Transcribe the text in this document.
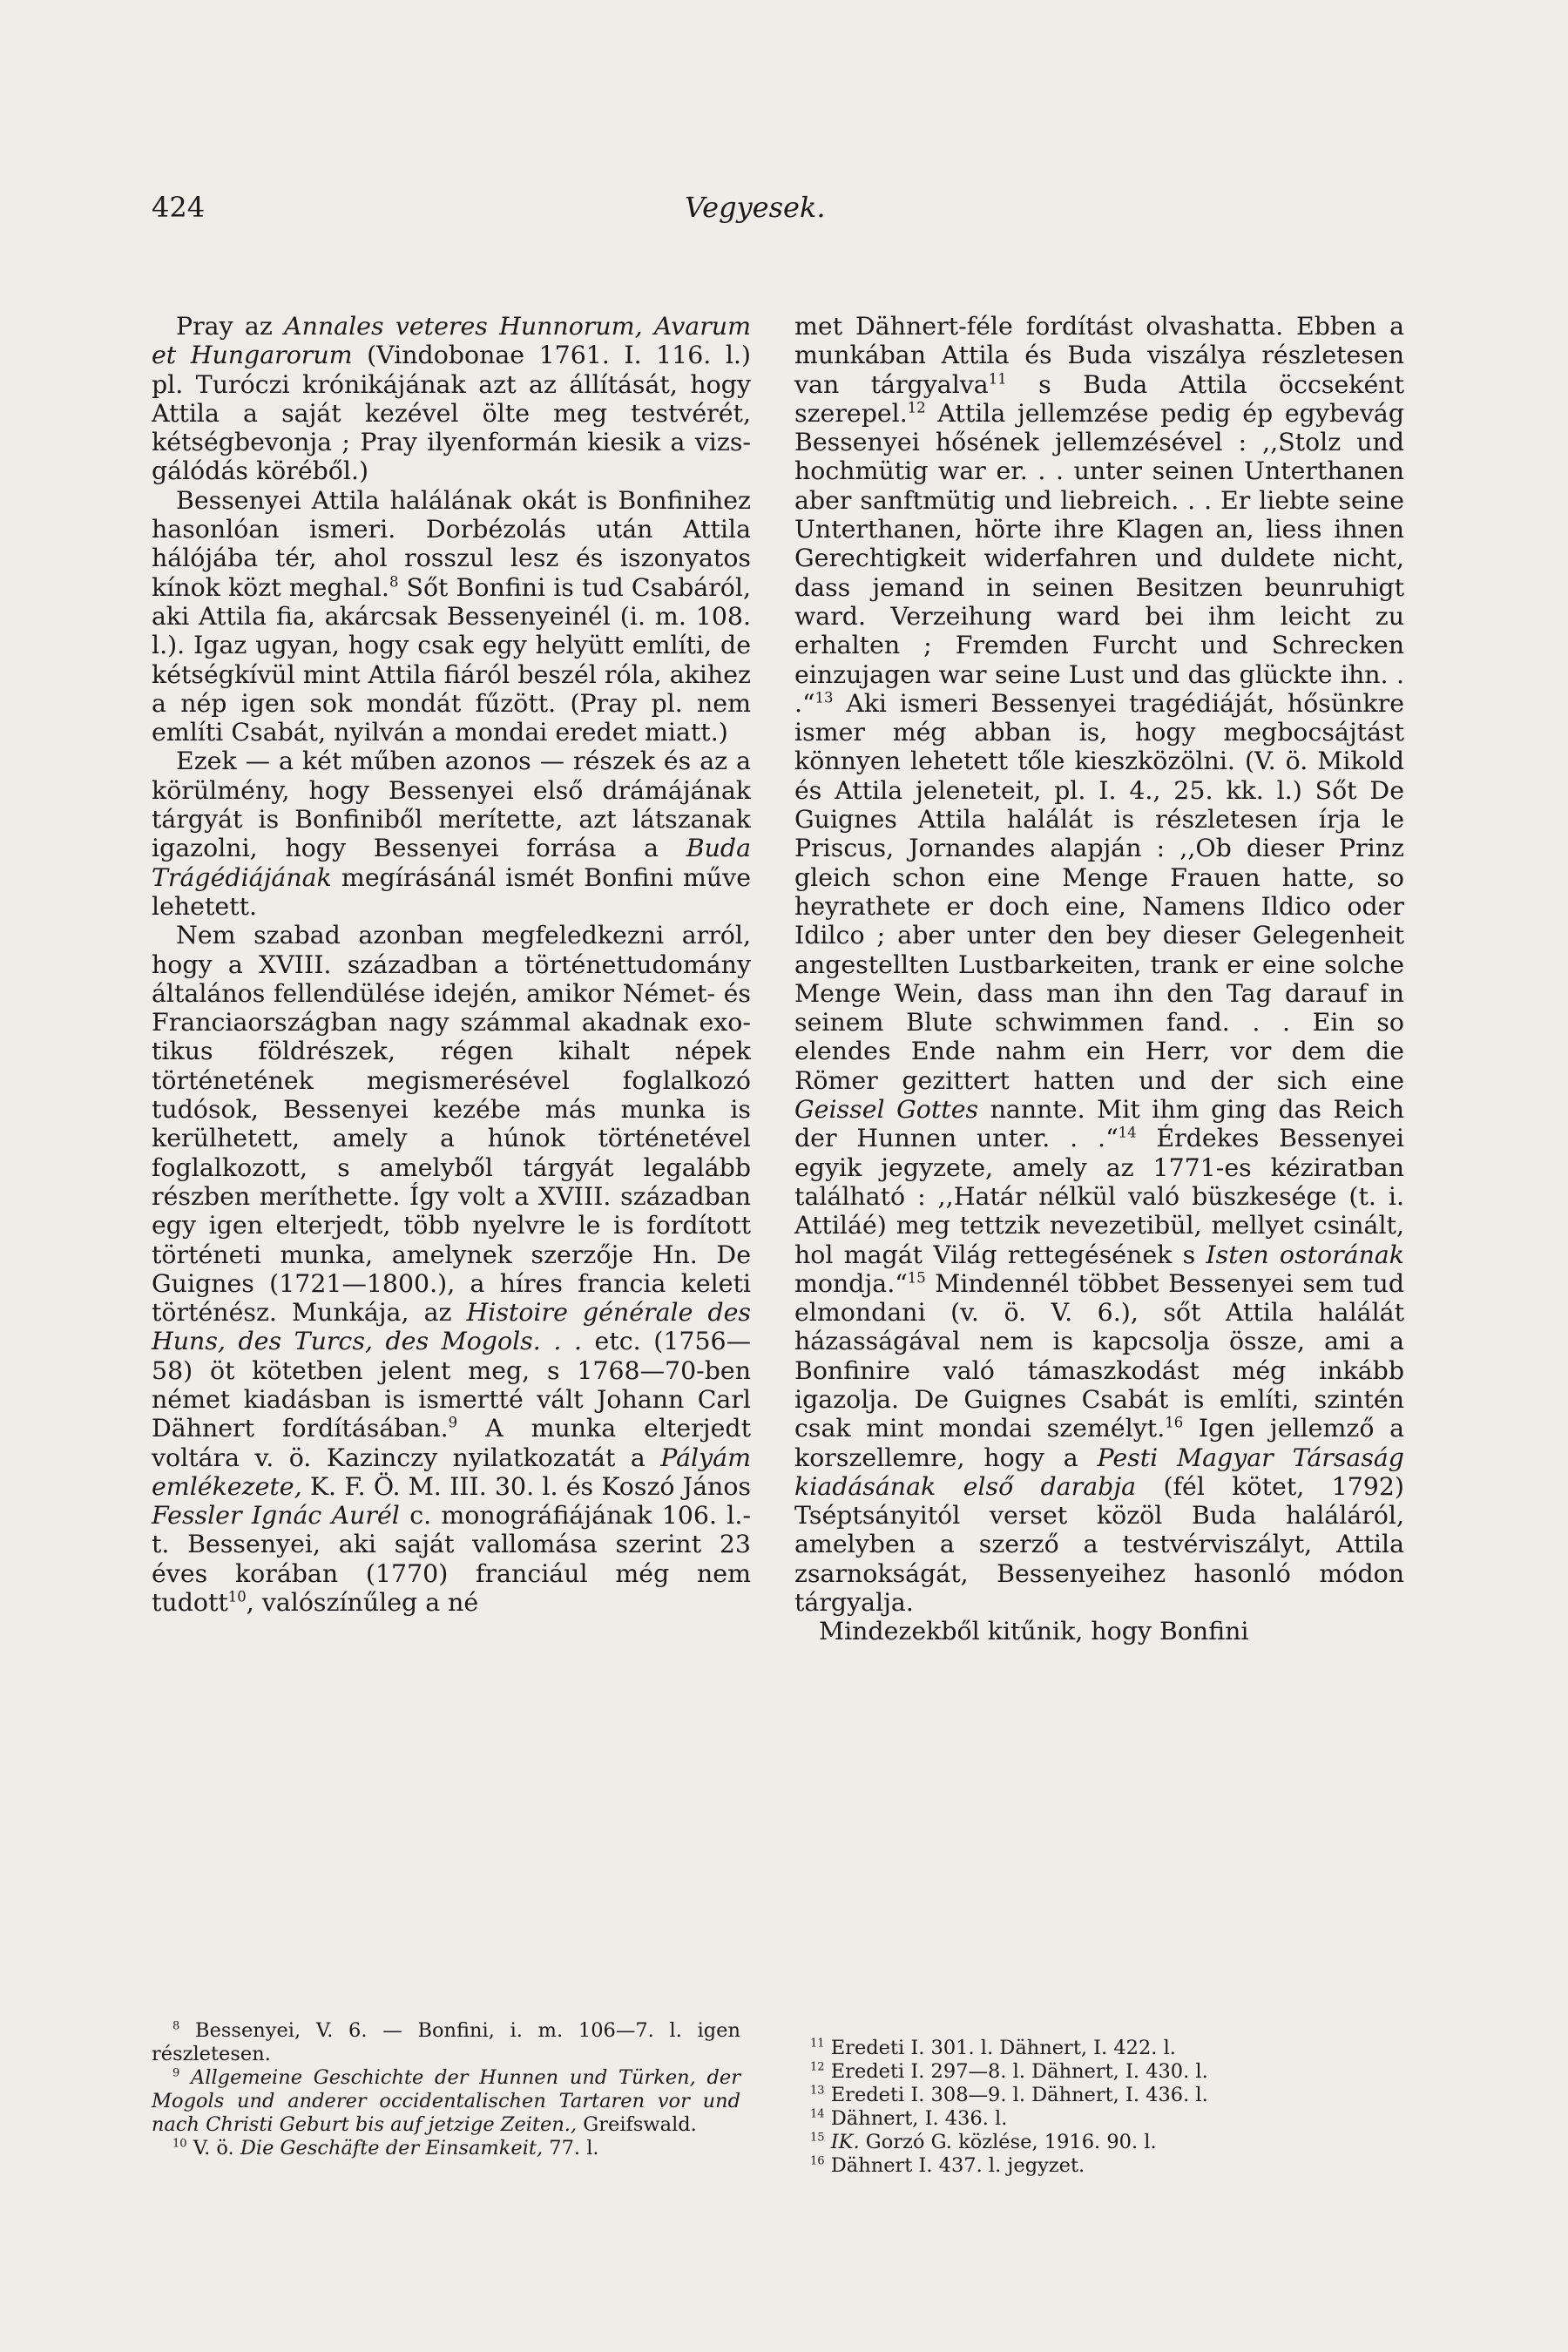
424	Vegyesek.

Pray az Annales veteres Hunnorum, Avarum et Hungarorum (Vindobonae 1761. I. 116. l.) pl. Turóczi krónikájának azt az állítását, hogy Attila a saját kezével ölte meg testvérét, kétségbevonja ; Pray ilyenformán kiesik a vizsgálódás köréből.)

Bessenyei Attila halálának okát is Bonfinihez hasonlóan ismeri. Dorbézolás után Attila hálójába tér, ahol rosszul lesz és iszonyatos kínok közt meghal.$^8$ Sőt Bonfini is tud Csabáról, aki Attila fia, akárcsak Bessenyeinél (i. m. 108. l.). Igaz ugyan, hogy csak egy helyütt említi, de kétségkívül mint Attila fiáról beszél róla, akihez a nép igen sok mondát fűzött. (Pray pl. nem említi Csabát, nyilván a mondai eredet miatt.)

Ezek — a két műben azonos — részek és az a körülmény, hogy Bessenyei első drámájának tárgyát is Bonfiniből merítette, azt látszanak igazolni, hogy Bessenyei forrása a Buda Trágédiájának megírásánál ismét Bonfini műve lehetett.

Nem szabad azonban megfeledkezni arról, hogy a XVIII. században a történettudomány általános fellendülése idején, amikor Német- és Franciaországban nagy számmal akadnak exotikus földrészek, régen kihalt népek történetének megismerésével foglalkozó tudósok, Bessenyei kezébe más munka is kerülhetett, amely a húnok történetével foglalkozott, s amelyből tárgyát legalább részben meríthette. Így volt a XVIII. században egy igen elterjedt, több nyelvre le is fordított történeti munka, amelynek szerzője Hn. De Guignes (1721—1800.), a híres francia keleti történész. Munkája, az Histoire générale des Huns, des Turcs, des Mogols. . . etc. (1756—58) öt kötetben jelent meg, s 1768—70-ben német kiadásban is ismertté vált Johann Carl Dähnert fordításában.$^9$ A munka elterjedt voltára v. ö. Kazinczy nyilatkozatát a Pályám emlékezete, K. F. Ö. M. III. 30. l. és Koszó János Fessler Ignác Aurél c. monográfiájának 106. l.-t. Bessenyei, aki saját vallomása szerint 23 éves korában (1770) franciául még nem tudott$^{10}$, valószínűleg a né

met Dähnert-féle fordítást olvashatta. Ebben a munkában Attila és Buda viszálya részletesen van tárgyalva$^{11}$ s Buda Attila öccseként szerepel.$^{12}$ Attila jellemzése pedig ép egybevág Bessenyei hősének jellemzésével : ,,Stolz und hochmütig war er. . . unter seinen Unterthanen aber sanftmütig und liebreich. . . Er liebte seine Unterthanen, hörte ihre Klagen an, liess ihnen Gerechtigkeit widerfahren und duldete nicht, dass jemand in seinen Besitzen beunruhigt ward. Verzeihung ward bei ihm leicht zu erhalten ; Fremden Furcht und Schrecken einzujagen war seine Lust und das glückte ihn. . .“$^{13}$ Aki ismeri Bessenyei tragédiáját, hősünkre ismer még abban is, hogy megbocsájtást könnyen lehetett tőle kieszközölni. (V. ö. Mikold és Attila jeleneteit, pl. I. 4., 25. kk. l.) Sőt De Guignes Attila halálát is részletesen írja le Priscus, Jornandes alapján : ,,Ob dieser Prinz gleich schon eine Menge Frauen hatte, so heyrathete er doch eine, Namens Ildico oder Idilco ; aber unter den bey dieser Gelegenheit angestellten Lustbarkeiten, trank er eine solche Menge Wein, dass man ihn den Tag darauf in seinem Blute schwimmen fand. . . Ein so elendes Ende nahm ein Herr, vor dem die Römer gezittert hatten und der sich eine Geissel Gottes nannte. Mit ihm ging das Reich der Hunnen unter. . .“$^{14}$ Érdekes Bessenyei egyik jegyzete, amely az 1771-es kéziratban található : ,,Határ nélkül való büszkesége (t. i. Attiláé) meg tettzik nevezetibül, mellyet csinált, hol magát Világ rettegésének s Isten ostorának mondja.“$^{15}$ Mindennél többet Bessenyei sem tud elmondani (v. ö. V. 6.), sőt Attila halálát házasságával nem is kapcsolja össze, ami a Bonfinire való támaszkodást még inkább igazolja. De Guignes Csabát is említi, szintén csak mint mondai személyt.$^{16}$ Igen jellemző a korszellemre, hogy a Pesti Magyar Társaság kiadásának első darabja (fél kötet, 1792) Tséptsányitól verset közöl Buda haláláról, amelyben a szerző a testvérviszályt, Attila zsarnokságát, Bessenyeihez hasonló módon tárgyalja.

Mindezekből kitűnik, hogy Bonfini

$^8$ Bessenyei, V. 6. — Bonfini, i. m. 106—7. l. igen részletesen.

$^9$ Allgemeine Geschichte der Hunnen und Türken, der Mogols und anderer occidentalischen Tartaren vor und nach Christi Geburt bis auf jetzige Zeiten., Greifswald.

$^{10}$ V. ö. Die Geschäfte der Einsamkeit, 77. l.

$^{11}$ Eredeti I. 301. l. Dähnert, I. 422. l.

$^{12}$ Eredeti I. 297—8. l. Dähnert, I. 430. l.

$^{13}$ Eredeti I. 308—9. l. Dähnert, I. 436. l.

$^{14}$ Dähnert, I. 436. l.

$^{15}$ IK. Gorzó G. közlése, 1916. 90. l.

$^{16}$ Dähnert I. 437. l. jegyzet.
